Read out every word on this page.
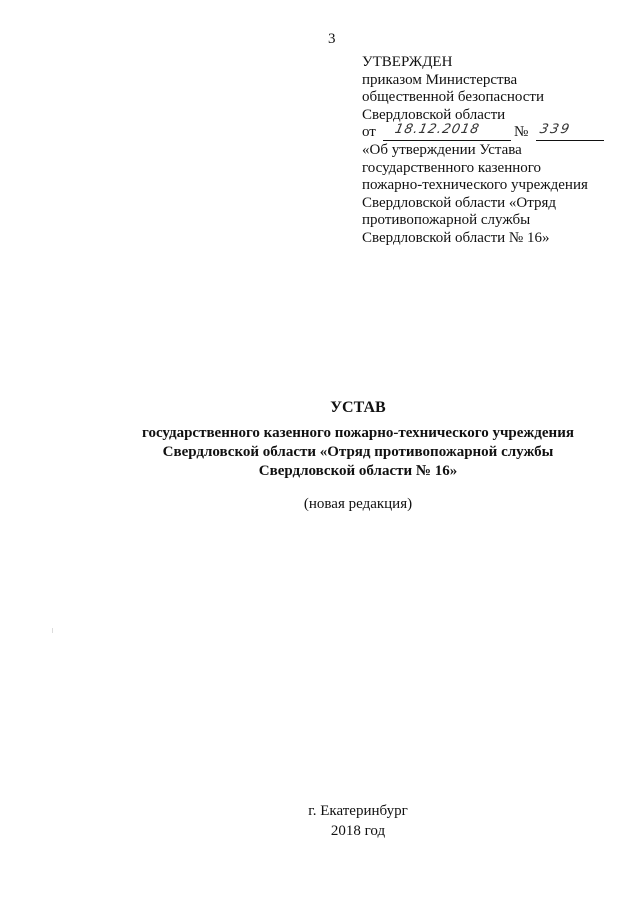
3
УТВЕРЖДЕН
приказом Министерства
общественной безопасности
Свердловской области
от 18.12.2018 № 339
«Об утверждении Устава
государственного казенного
пожарно-технического учреждения
Свердловской области «Отряд
противопожарной службы
Свердловской области № 16»
УСТАВ
государственного казенного пожарно-технического учреждения
Свердловской области «Отряд противопожарной службы
Свердловской области № 16»
(новая редакция)
г. Екатеринбург
2018 год
